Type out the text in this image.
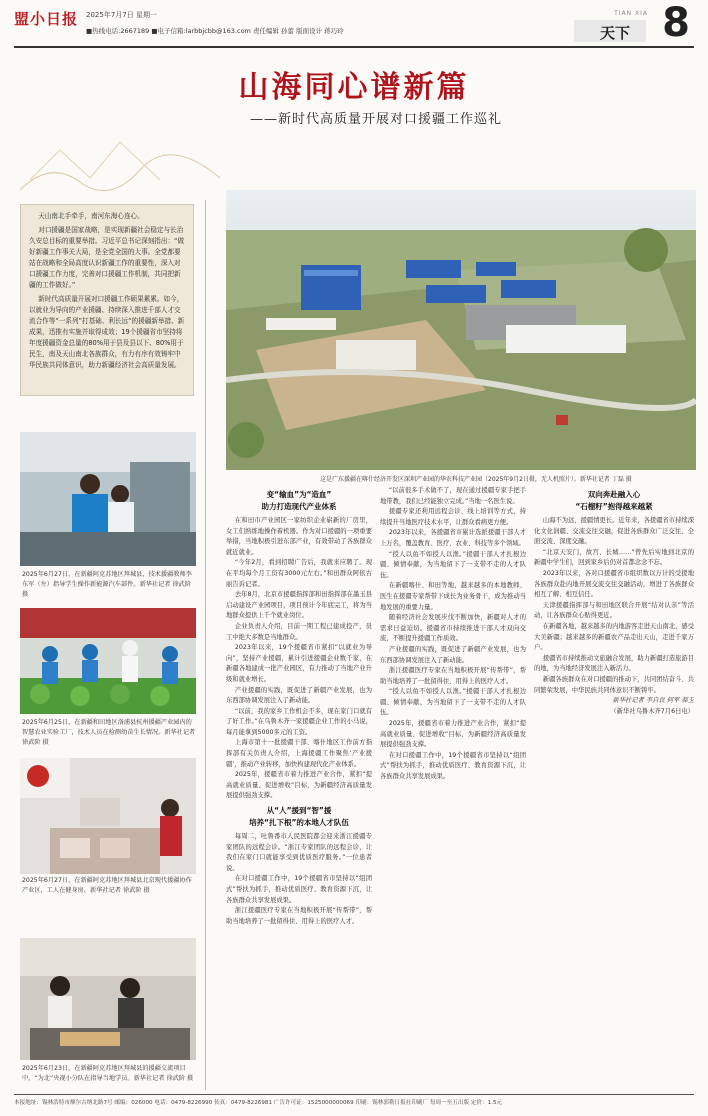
盟小日报 2025年7月7日 星期一
■热线电话:2667189 ■电子信箱:larbbjcbb@163.com 责任编辑 孙蕾 版面设计 蒋巧玲
TIAN XIA
天下 8
山海同心谱新篇
——新时代高质量开展对口援疆工作巡礼

天山南北手牵手，南河东海心连心。

对口援疆是国家战略，是实现新疆社会稳定与长治久安总目标的重要举措。习近平总书记深刻指出：“做好新疆工作事关大局，是全党全国的大事。全党都要站在战略和全局高度认识新疆工作的重要性，深入对口援疆工作力度，完善对口援疆工作机制，共同把新疆的工作做好。”

新时代高质量开展对口援疆工作硕果累累。如今，以就业为导向的产业援疆、持续深入推进千部人才交流合作等“一系列”打基础、利长远“的援疆新举措、新成果，迅推有实施并取得成效；19个援疆省市坚持将年度援疆资金总量的80%用于县及县以下、80%用于民生，南及天山南北各族群众，有力有序有效铸牢中华民族共同体意识，助力新疆经济社会高质量发展。

这是广东援疆在喀什经济开发区深圳产业园的华农科技产业园（2025年9月2日摄，无人机照片）。新华社记者 丁磊 摄
2025年6月27日，在新疆阿克苏地区拜城县，技术援疆教师李东军（左）指导学生操作新能源汽车部件。新华社记者 徐武阶 摄
2025年6月25日，在新疆和田地区洛浦县杭州援疆产业园内的智慧农业实验工厂，技术人员在检测幼苗生长情况。新华社记者 徐武阶 摄
2025年6月27日，在新疆阿克苏地区拜城县北京现代援疆协作产业区，工人在健身房，新华社记者 徐武阶 摄
2025年6月23日，在新疆阿克苏地区拜城县的援疆交流项目中，“为北”央视小分队在指导当地学员。新华社记者 徐武阶 摄
变“输血”为“造血”
助力打造现代产业体系

在和田市产业园区一家纺织企业崭新的厂房里，女工们熟练地操作着机器。作为对口援疆的一项重要举措，当地积极引进东部产业，有效带动了各族群众就近就业。

“今年2月，看到招聘广告后，我就来应聘了。现在平均每个月工资有3000元左右。”和田群众阿依古丽告诉记者。

去年8月，北京市援疆指挥部和田指挥部在墨玉县启动建设产业园项目，项目预计今年底完工，将为当地群众提供上千个就业岗位。

企业负责人介绍，目前一期工程已建成投产，员工中绝大多数是当地群众。

2023年以来，19个援疆省市紧扣“以就业为导向”，坚持产业援疆，累计引进援疆企业数千家，在新疆各地建成一批产业园区，有力推动了当地产业升级和就业增长。

产业援疆的实践，既促进了新疆产业发展，也为东西部协调发展注入了新动能。

“以前，我的家乡工作机会不多，现在家门口就有了好工作。”在乌鲁木齐一家援疆企业工作的小马说，每月能拿到5000多元的工资。

上海市第十一批援疆干部、喀什地区工作前方指挥部有关负责人介绍，上海援疆工作聚焦‘产业援疆’，推动产业转移，加快构建现代化产业体系。

2025年，援疆省市着力推进产业合作，紧扣“提高就业质量、促进增收”目标，为新疆经济高质量发展提供强劲支撑。

从“人”援到“智”援
培养“扎下根”的本地人才队伍

每周二，吐鲁番市人民医院都会迎来浙江援疆专家团队的远程会诊。“浙江专家团队的远程会诊，让我们在家门口就能享受到优质医疗服务。”一位患者说。

在对口援疆工作中，19个援疆省市坚持以“组团式”帮扶为抓手，推动优质医疗、教育资源下沉，让各族群众共享发展成果。

浙江援疆医疗专家在当地积极开展“传帮带”，帮助当地培养了一批留得住、用得上的医疗人才。

“以前很多手术做不了，现在通过援疆专家手把手地带教，我们已经能独立完成。”当地一名医生说。

援疆专家还利用远程会诊、线上培训等方式，持续提升当地医疗技术水平，让群众看病更方便。

2023年以来，各援疆省市累计选派援疆干部人才上万名，覆盖教育、医疗、农业、科技等多个领域。

“授人以鱼不如授人以渔。”援疆干部人才扎根边疆、倾情奉献，为当地留下了一支带不走的人才队伍。

在新疆喀什、和田等地，越来越多的本地教师、医生在援疆专家帮带下成长为业务骨干，成为推动当地发展的重要力量。

随着经济社会发展步伐不断加快，新疆对人才的需求日益迫切。援疆省市持续推进干部人才双向交流，不断提升援疆工作质效。

产业援疆的实践，既促进了新疆产业发展，也为东西部协调发展注入了新动能。

浙江援疆医疗专家在当地积极开展“传帮带”，帮助当地培养了一批留得住、用得上的医疗人才。

“授人以鱼不如授人以渔。”援疆干部人才扎根边疆、倾情奉献，为当地留下了一支带不走的人才队伍。

2025年，援疆省市着力推进产业合作，紧扣“提高就业质量、促进增收”目标，为新疆经济高质量发展提供强劲支撑。

在对口援疆工作中，19个援疆省市坚持以“组团式”帮扶为抓手，推动优质医疗、教育资源下沉，让各族群众共享发展成果。

双向奔赴融入心
“石榴籽”抱得越来越紧

山海不为远，援疆情更长。近年来，各援疆省市持续深化文化润疆、交流交往交融，促进各族群众广泛交往、全面交流、深度交融。

“北京天安门，故宫、长城……”曾先后实地到北京的新疆中学生们，回到家乡后仍对首都念念不忘。

2023年以来，各对口援疆省市组织数以万计的受援地各族群众赴内地开展交流交往交融活动，增进了各族群众相互了解、相互信任。

天津援疆指挥部与和田地区联合开展“结对认亲”等活动，让各族群众心贴得更近。

在新疆各地，越来越多的内地游客走进天山南北，感受大美新疆；越来越多的新疆农产品走出天山，走进千家万户。

援疆省市持续推动文旅融合发展，助力新疆打造旅游目的地，为当地经济发展注入新活力。

新疆各族群众在对口援疆的推动下，共同团结奋斗、共同繁荣发展，中华民族共同体意识不断铸牢。

新华社记者 李自良 何军 郝玉

（新华社乌鲁木齐7月6日电）

本报地址：锡林浩特市额尔古纳北路7号 邮编：026000 电话：0479-8226990 传真：0479-8226981 广告许可证：1525000000069 印刷：锡林郭勒日报社印刷厂 每周一至五出版 定价：1.5元
